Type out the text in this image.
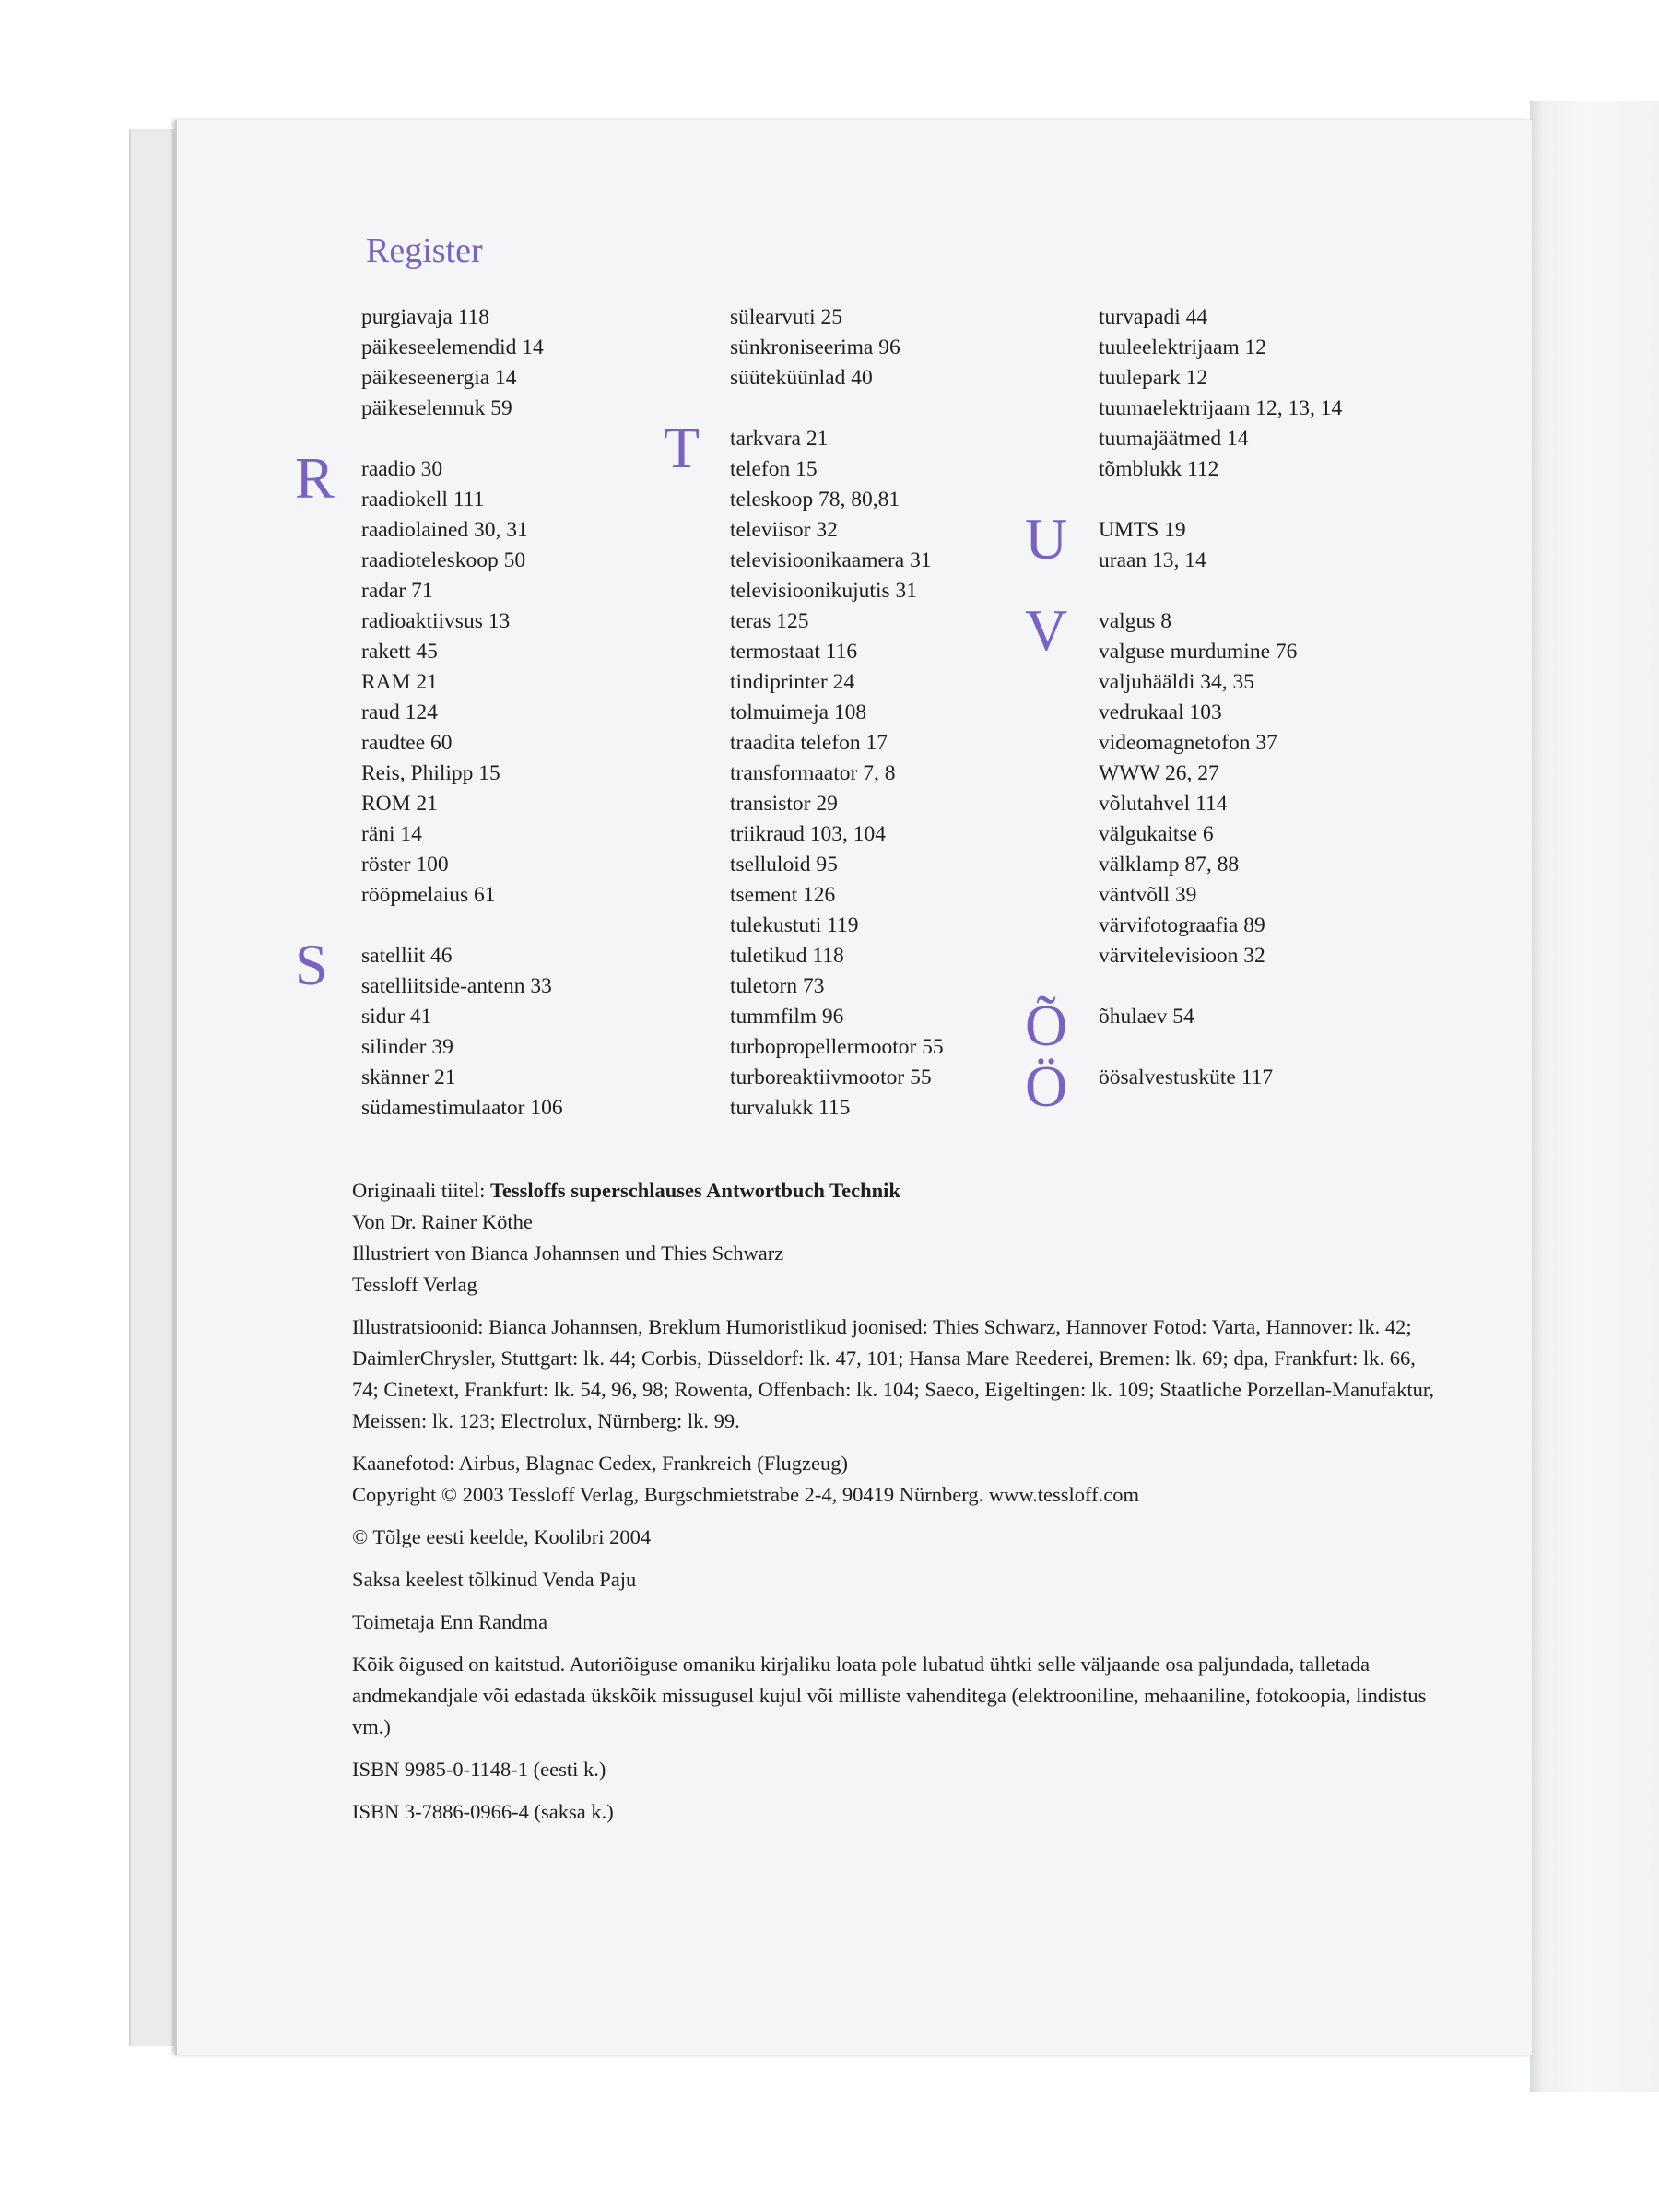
Register
purgiavaja 118
päikeseelemendid 14
päikeseenergia 14
päikeselennuk 59
R raadio 30
raadiokell 111
raadiolained 30, 31
raadioteleskoop 50
radar 71
radioaktiivsus 13
rakett 45
RAM 21
raud 124
raudtee 60
Reis, Philipp 15
ROM 21
räni 14
röster 100
rööpmelaius 61
S satelliit 46
satelliitside-antenn 33
sidur 41
silinder 39
skänner 21
südamestimulaator 106
sülearvuti 25
sünkroniseerima 96
süüteküünlad 40
T tarkvara 21
telefon 15
teleskoop 78, 80,81
televiisor 32
televisioonikaamera 31
televisioonikujutis 31
teras 125
termostaat 116
tindiprinter 24
tolmuimeja 108
traadita telefon 17
transformaator 7, 8
transistor 29
triikraud 103, 104
tselluloid 95
tsement 126
tulekustuti 119
tuletikud 118
tuletorn 73
tummfilm 96
turbopropellermootor 55
turboreaktiivmootor 55
turvalukk 115
turvapadi 44
tuuleelektrijaam 12
tuulepark 12
tuumaelektrijaam 12, 13, 14
tuumajäätmed 14
tõmblukk 112
U UMTS 19
uraan 13, 14
V valgus 8
valguse murdumine 76
valjuhääldi 34, 35
vedrukaal 103
videomagnetofon 37
WWW 26, 27
võlutahvel 114
välgukaitse 6
välklamp 87, 88
väntvõll 39
värvifotograafia 89
värvitelevisioon 32
Õ õhulaev 54
Ö öösalvestusküte 117

Originaali tiitel: Tessloffs superschlauses Antwortbuch Technik

Von Dr. Rainer Köthe

Illustriert von Bianca Johannsen und Thies Schwarz

Tessloff Verlag

Illustratsioonid: Bianca Johannsen, Breklum Humoristlikud joonised: Thies Schwarz, Hannover Fotod: Varta, Hannover: lk. 42; DaimlerChrysler, Stuttgart: lk. 44; Corbis, Düsseldorf: lk. 47, 101; Hansa Mare Reederei, Bremen: lk. 69; dpa, Frankfurt: lk. 66, 74; Cinetext, Frankfurt: lk. 54, 96, 98; Rowenta, Offenbach: lk. 104; Saeco, Eigeltingen: lk. 109; Staatliche Porzellan-Manufaktur, Meissen: lk. 123; Electrolux, Nürnberg: lk. 99.

Kaanefotod: Airbus, Blagnac Cedex, Frankreich (Flugzeug)

Copyright © 2003 Tessloff Verlag, Burgschmietstrabe 2-4, 90419 Nürnberg. www.tessloff.com

© Tõlge eesti keelde, Koolibri 2004

Saksa keelest tõlkinud Venda Paju

Toimetaja Enn Randma

Kõik õigused on kaitstud. Autoriõiguse omaniku kirjaliku loata pole lubatud ühtki selle väljaande osa paljundada, talletada andmekandjale või edastada ükskõik missugusel kujul või milliste vahenditega (elektrooniline, mehaaniline, fotokoopia, lindistus vm.)

ISBN 9985-0-1148-1 (eesti k.)

ISBN 3-7886-0966-4 (saksa k.)
